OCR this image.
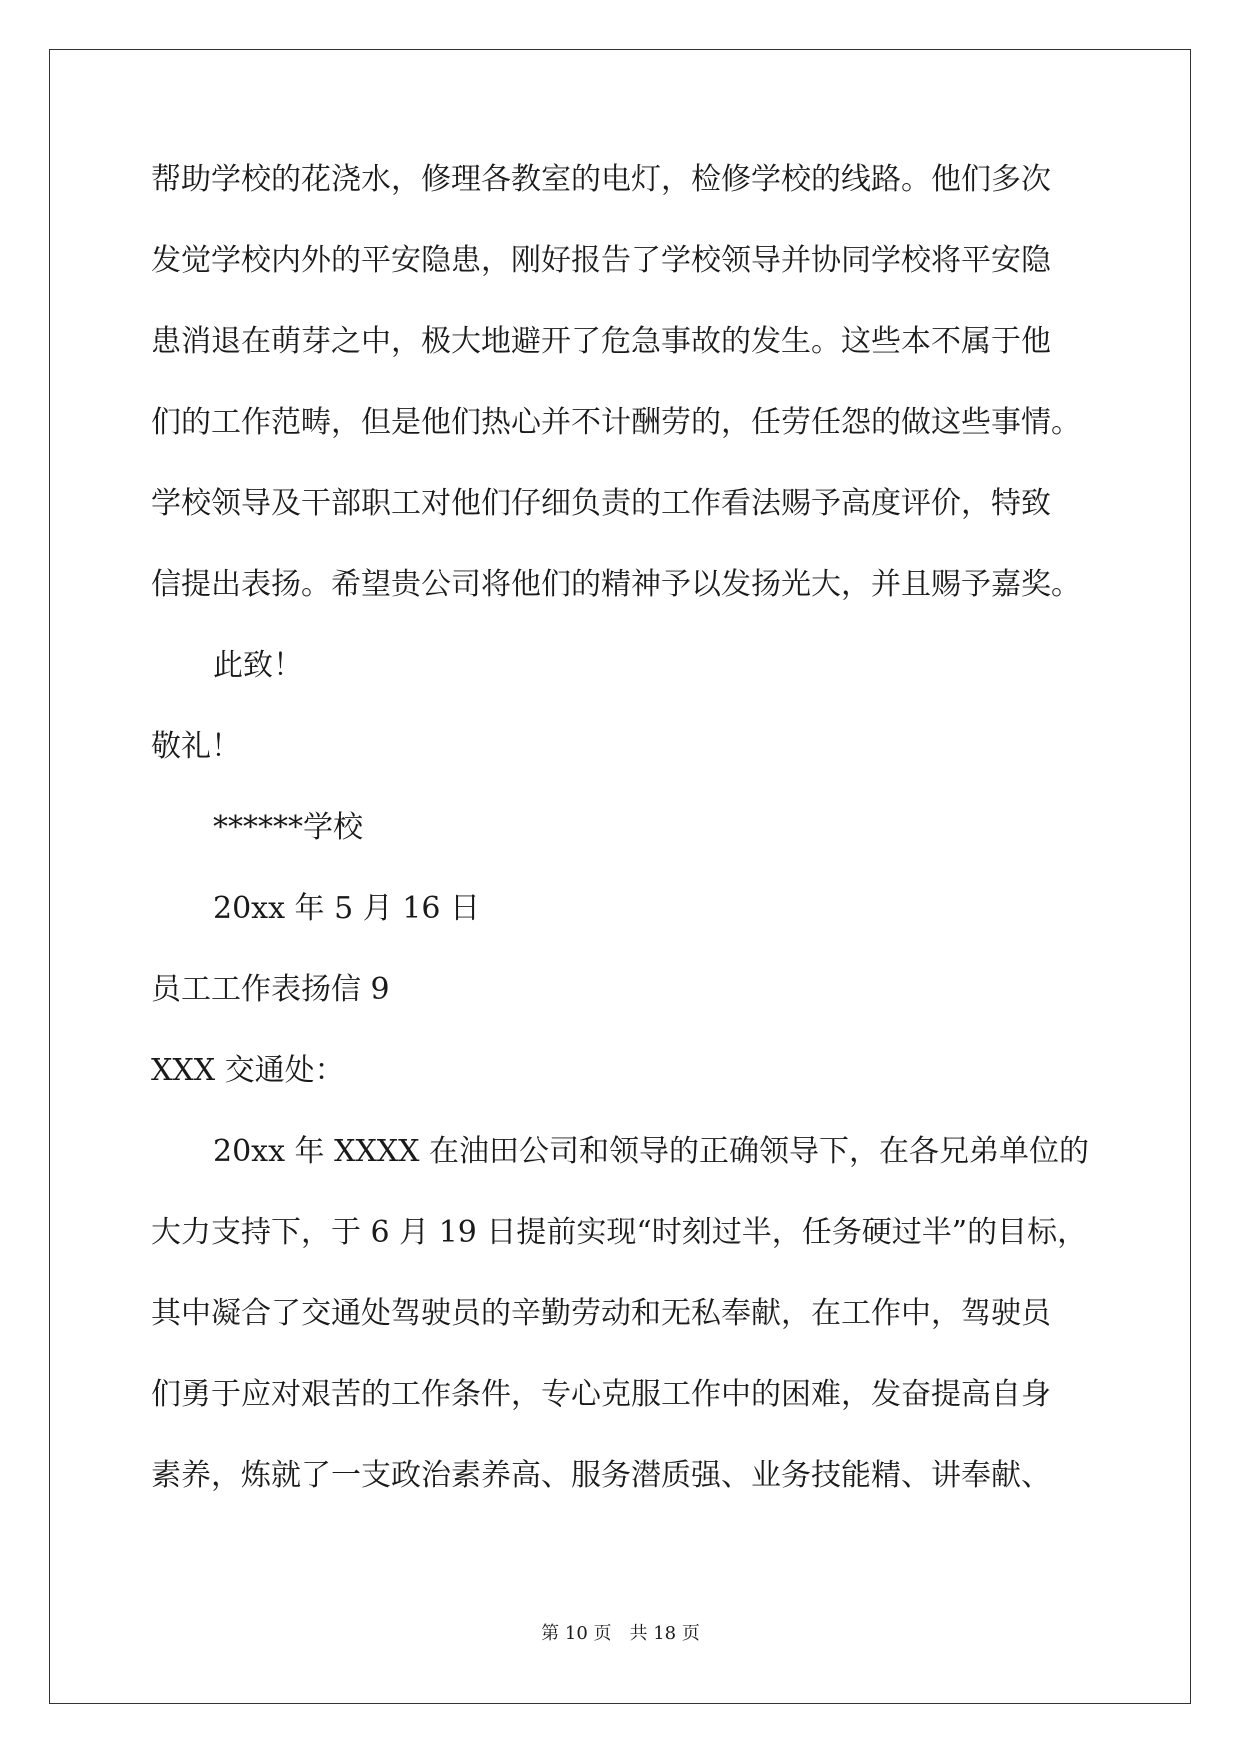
帮助学校的花浇水，修理各教室的电灯，检修学校的线路。他们多次
发觉学校内外的平安隐患，刚好报告了学校领导并协同学校将平安隐
患消退在萌芽之中，极大地避开了危急事故的发生。这些本不属于他
们的工作范畴，但是他们热心并不计酬劳的，任劳任怨的做这些事情。
学校领导及干部职工对他们仔细负责的工作看法赐予高度评价，特致
信提出表扬。希望贵公司将他们的精神予以发扬光大，并且赐予嘉奖。
此致！
敬礼！
******学校
20xx 年 5 月 16 日
员工工作表扬信 9
XXX 交通处：
20xx 年 XXXX 在油田公司和领导的正确领导下，在各兄弟单位的
大力支持下，于 6 月 19 日提前实现“时刻过半，任务硬过半”的目标，
其中凝合了交通处驾驶员的辛勤劳动和无私奉献，在工作中，驾驶员
们勇于应对艰苦的工作条件，专心克服工作中的困难，发奋提高自身
素养，炼就了一支政治素养高、服务潜质强、业务技能精、讲奉献、
第 10 页 共 18 页
